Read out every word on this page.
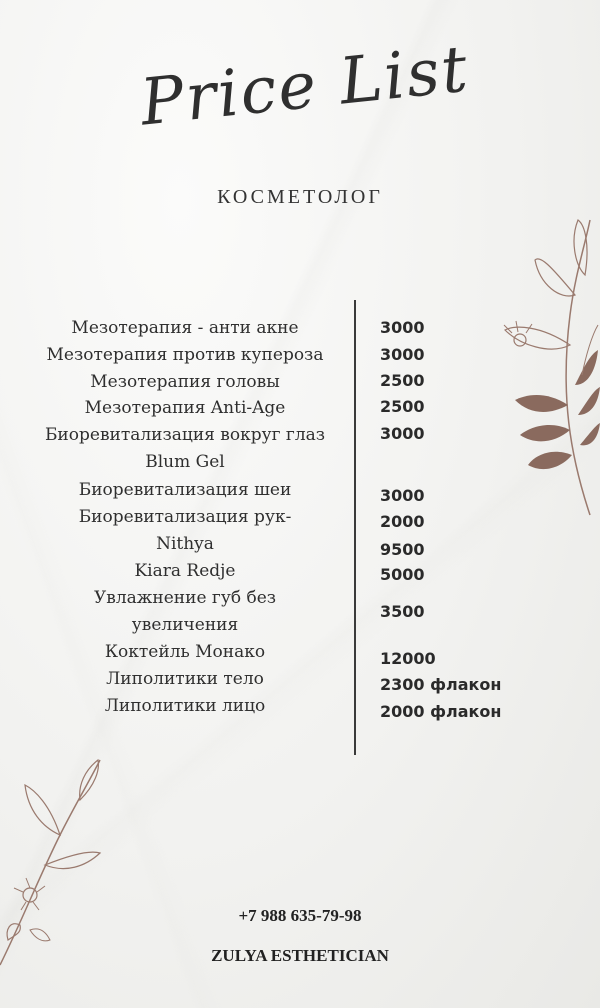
Price List
КОСМЕТОЛОГ
Мезотерапия - анти акне
Мезотерапия против купероза
Мезотерапия головы
Мезотерапия Anti-Age
Биоревитализация вокруг глаз
Blum Gel
Биоревитализация шеи
Биоревитализация рук-
Nithya
Kiara Redje
Увлажнение губ без
увеличения
Коктейль Монако
Липолитики тело
Липолитики лицо
3000
3000
2500
2500
3000
3000
2000
9500
5000
3500
12000
2300 флакон
2000 флакон
+7 988 635-79-98
ZULYA ESTHETICIAN
